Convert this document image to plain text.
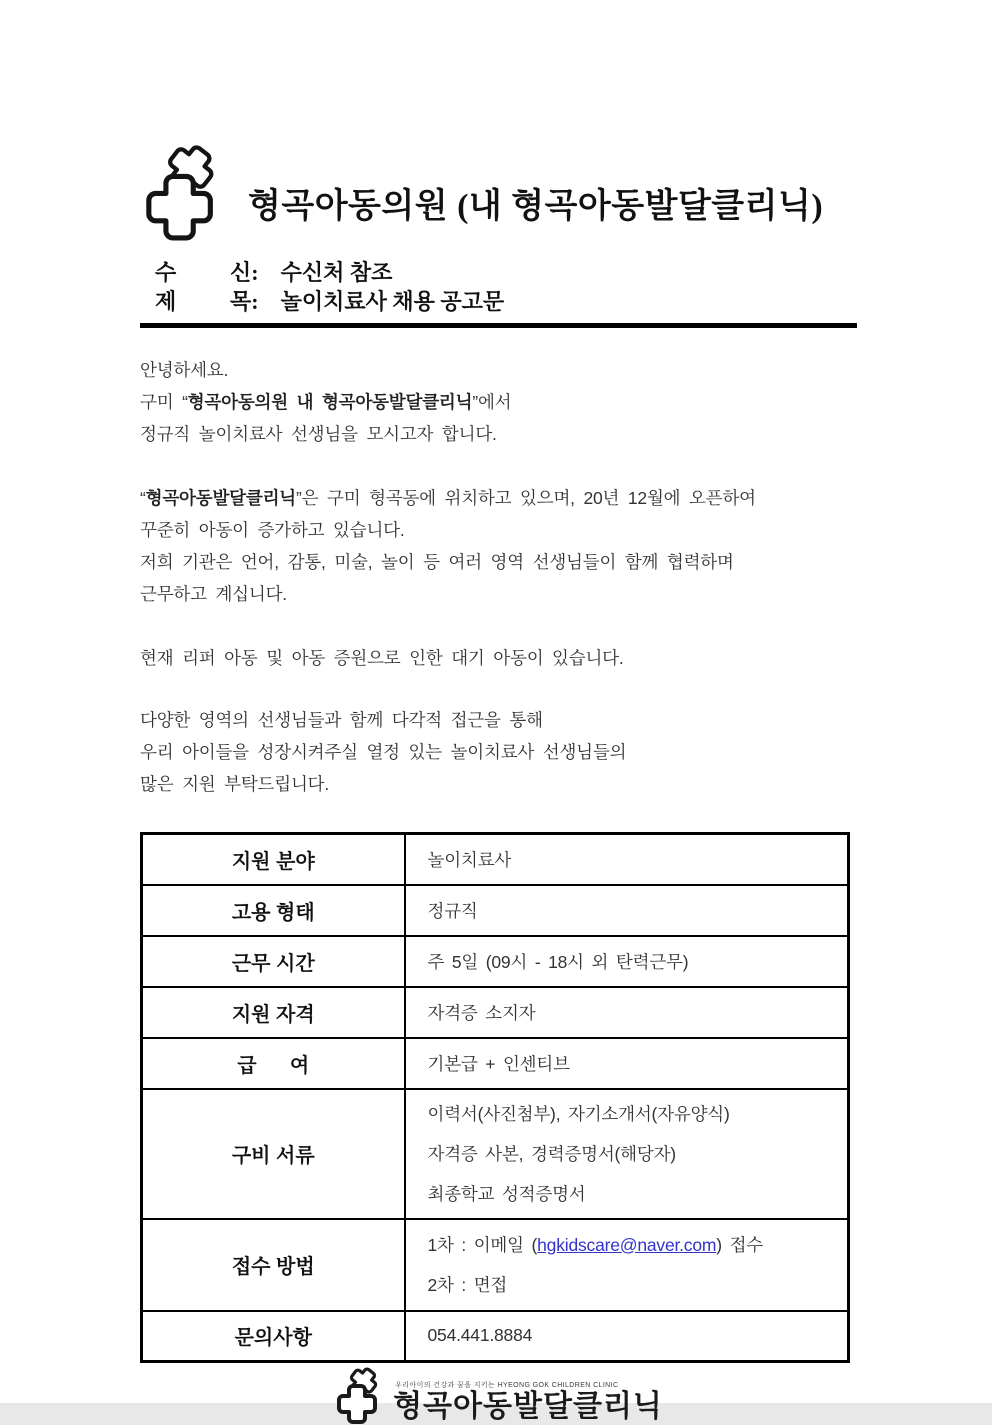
형곡아동의원 (내 형곡아동발달클리닉)
수	신: 수신처 참조
제	목: 놀이치료사 채용 공고문

안녕하세요.
구미 “형곡아동의원 내 형곡아동발달클리닉”에서
정규직 놀이치료사 선생님을 모시고자 합니다.

“형곡아동발달클리닉”은 구미 형곡동에 위치하고 있으며, 20년 12월에 오픈하여
꾸준히 아동이 증가하고 있습니다.
저희 기관은 언어, 감통, 미술, 놀이 등 여러 영역 선생님들이 함께 협력하며
근무하고 계십니다.

현재 리퍼 아동 및 아동 증원으로 인한 대기 아동이 있습니다.

다양한 영역의 선생님들과 함께 다각적 접근을 통해
우리 아이들을 성장시켜주실 열정 있는 놀이치료사 선생님들의
많은 지원 부탁드립니다.

지원 분야	놀이치료사
고용 형태	정규직
근무 시간	주 5일 (09시 - 18시 외 탄력근무)
지원 자격	자격증 소지자
급      여	기본급 + 인센티브
구비 서류	이력서(사진첨부), 자기소개서(자유양식)
자격증 사본, 경력증명서(해당자)
최종학교 성적증명서

접수 방법	1차 : 이메일 (hgkidscare@naver.com) 접수
2차 : 면접

문의사항	054.441.8884
우리아이의 건강과 꿈을 지키는 HYEONG GOK CHILDREN CLINIC
형곡아동발달클리닉
